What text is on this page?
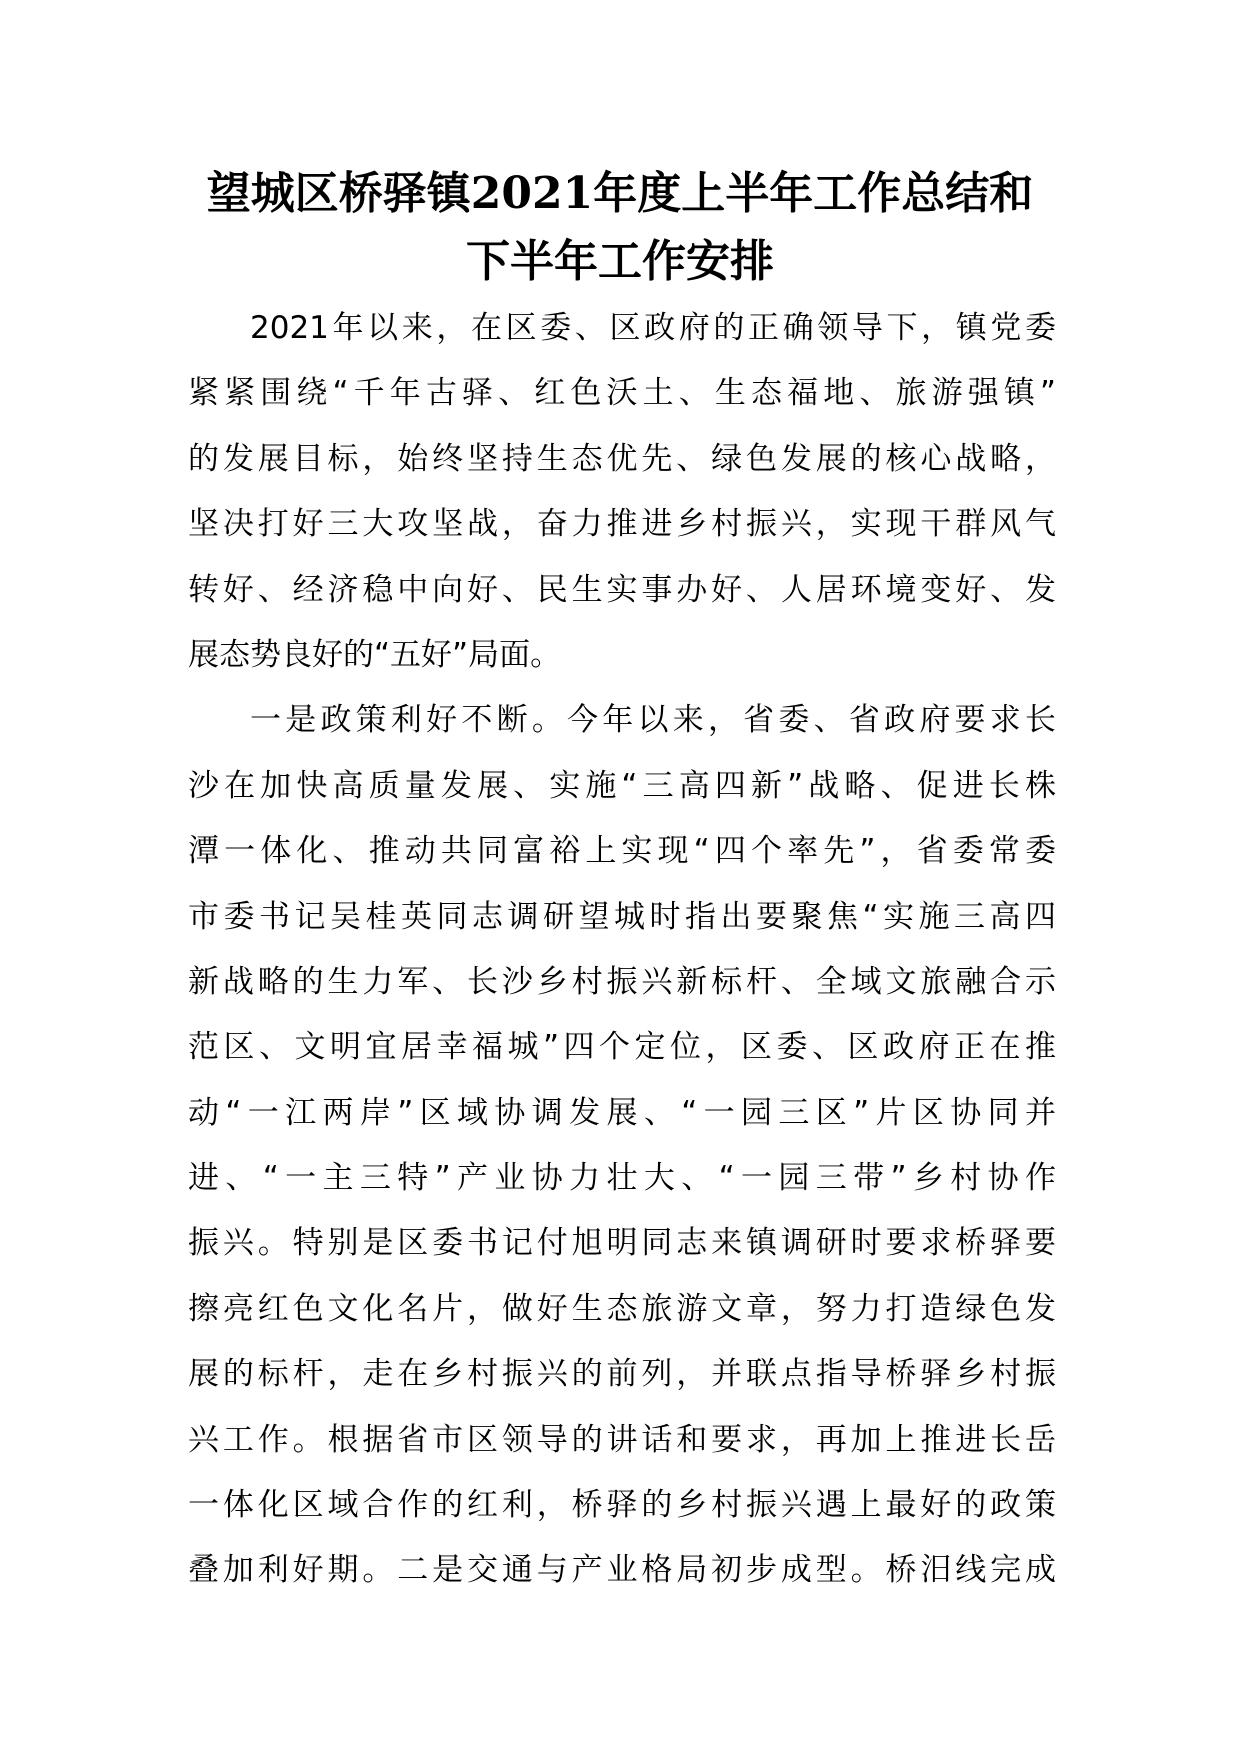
望城区桥驿镇2021年度上半年工作总结和
下半年工作安排
2021年以来，在区委、区政府的正确领导下，镇党委
紧紧围绕“千年古驿、红色沃土、生态福地、旅游强镇”
的发展目标，始终坚持生态优先、绿色发展的核心战略，
坚决打好三大攻坚战，奋力推进乡村振兴，实现干群风气
转好、经济稳中向好、民生实事办好、人居环境变好、发
展态势良好的“五好”局面。
一是政策利好不断。今年以来，省委、省政府要求长
沙在加快高质量发展、实施“三高四新”战略、促进长株
潭一体化、推动共同富裕上实现“四个率先”，省委常委
市委书记吴桂英同志调研望城时指出要聚焦“实施三高四
新战略的生力军、长沙乡村振兴新标杆、全域文旅融合示
范区、文明宜居幸福城”四个定位，区委、区政府正在推
动“一江两岸”区域协调发展、“一园三区”片区协同并
进、“一主三特”产业协力壮大、“一园三带”乡村协作
振兴。特别是区委书记付旭明同志来镇调研时要求桥驿要
擦亮红色文化名片，做好生态旅游文章，努力打造绿色发
展的标杆，走在乡村振兴的前列，并联点指导桥驿乡村振
兴工作。根据省市区领导的讲话和要求，再加上推进长岳
一体化区域合作的红利，桥驿的乡村振兴遇上最好的政策
叠加利好期。二是交通与产业格局初步成型。桥汨线完成
